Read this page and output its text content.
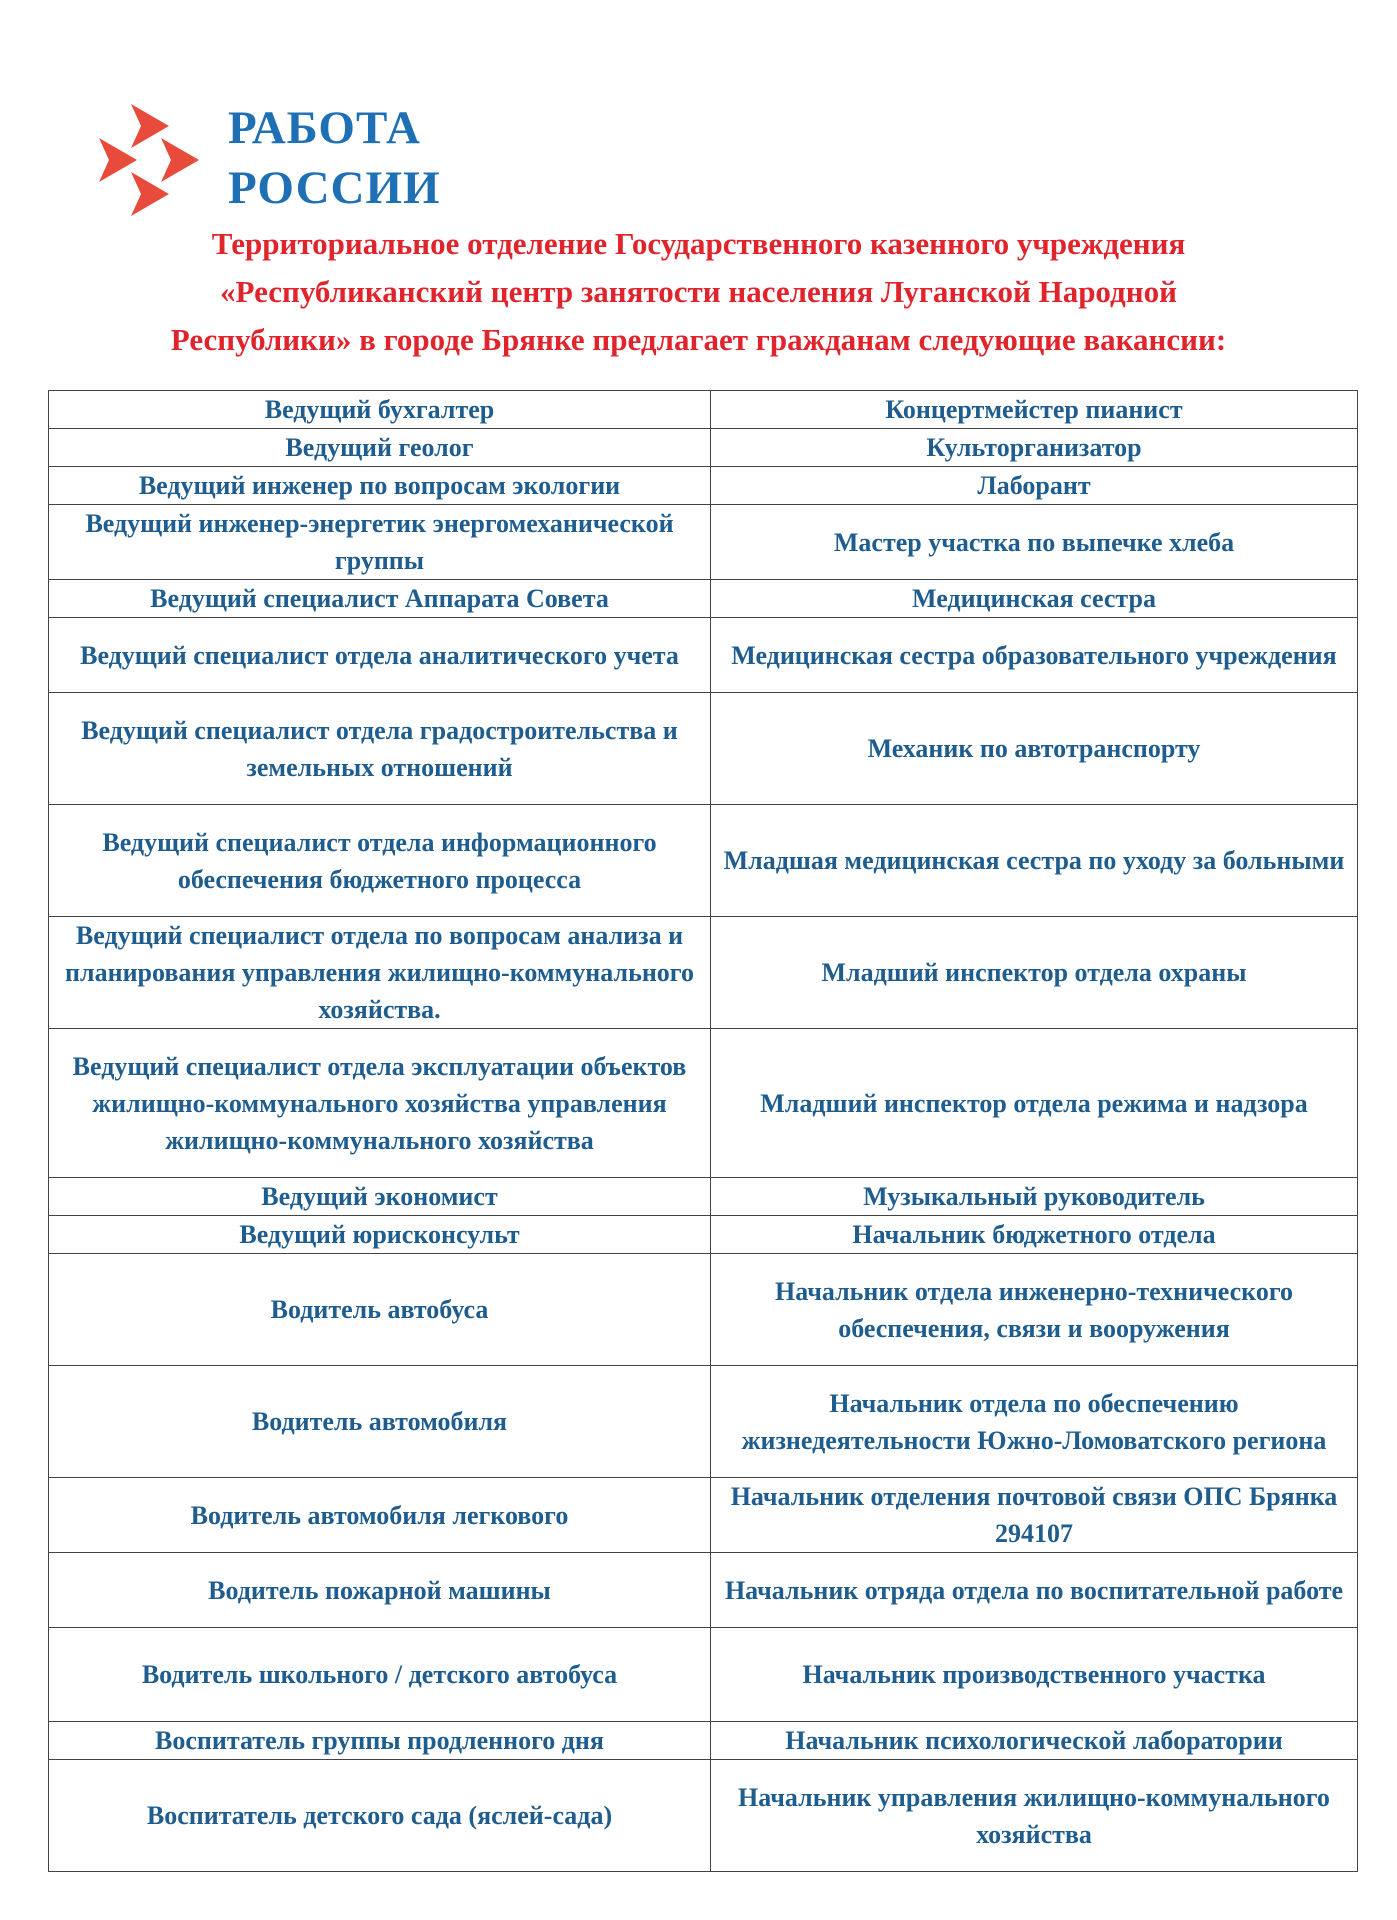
РАБОТА
РОССИИ
Территориальное отделение Государственного казенного учреждения
«Республиканский центр занятости населения Луганской Народной
Республики» в городе Брянке предлагает гражданам следующие вакансии:
Ведущий бухгалтер	Концертмейстер пианист
Ведущий геолог	Культорганизатор
Ведущий инженер по вопросам экологии	Лаборант
Ведущий инженер-энергетик энергомеханической группы	Мастер участка по выпечке хлеба
Ведущий специалист Аппарата Совета	Медицинская сестра
Ведущий специалист отдела аналитического учета	Медицинская сестра образовательного учреждения
Ведущий специалист отдела градостроительства и земельных отношений	Механик по автотранспорту
Ведущий специалист отдела информационного обеспечения бюджетного процесса	Младшая медицинская сестра по уходу за больными
Ведущий специалист отдела по вопросам анализа и планирования управления жилищно-коммунального хозяйства.	Младший инспектор отдела охраны
Ведущий специалист отдела эксплуатации объектов жилищно-коммунального хозяйства управления жилищно-коммунального хозяйства	Младший инспектор отдела режима и надзора
Ведущий экономист	Музыкальный руководитель
Ведущий юрисконсульт	Начальник бюджетного отдела
Водитель автобуса	Начальник отдела инженерно-технического обеспечения, связи и вооружения
Водитель автомобиля	Начальник отдела по обеспечению жизнедеятельности Южно-Ломоватского региона
Водитель автомобиля легкового	Начальник отделения почтовой связи ОПС Брянка 294107
Водитель пожарной машины	Начальник отряда отдела по воспитательной работе
Водитель школьного / детского автобуса	Начальник производственного участка
Воспитатель группы продленного дня	Начальник психологической лаборатории
Воспитатель детского сада (яслей-сада)	Начальник управления жилищно-коммунального хозяйства
